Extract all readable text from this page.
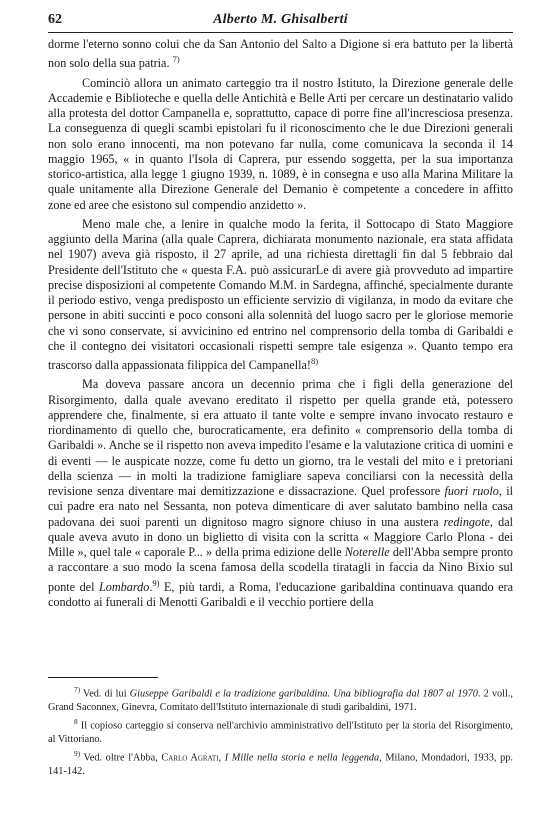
62	Alberto M. Ghisalberti

dorme l'eterno sonno colui che da San Antonio del Salto a Digione si era battuto per la libertà non solo della sua patria. $^{7)}$

Cominciò allora un animato carteggio tra il nostro Istituto, la Direzione generale delle Accademie e Biblioteche e quella delle Antichità e Belle Arti per cercare un destinatario valido alla protesta del dottor Campanella e, soprattutto, capace di porre fine all'incresciosa presenza. La conseguenza di quegli scambi epistolari fu il riconoscimento che le due Direzioni generali non solo erano innocenti, ma non potevano far nulla, come comunicava la seconda il 14 maggio 1965, « in quanto l'Isola di Caprera, pur essendo soggetta, per la sua importanza storico-artistica, alla legge 1 giugno 1939, n. 1089, è in consegna e uso alla Marina Militare la quale unitamente alla Direzione Generale del Demanio è competente a concedere in affitto zone ed aree che esistono sul compendio anzidetto ».

Meno male che, a lenire in qualche modo la ferita, il Sottocapo di Stato Maggiore aggiunto della Marina (alla quale Caprera, dichiarata monumento nazionale, era stata affidata nel 1907) aveva già risposto, il 27 aprile, ad una richiesta direttagli fin dal 5 febbraio dal Presidente dell'Istituto che « questa F.A. può assicurarLe di avere già provveduto ad impartire precise disposizioni al competente Comando M.M. in Sardegna, affinché, specialmente durante il periodo estivo, venga predisposto un efficiente servizio di vigilanza, in modo da evitare che persone in abiti succinti e poco consoni alla solennità del luogo sacro per le gloriose memorie che vi sono conservate, si avvicinino ed entrino nel comprensorio della tomba di Garibaldi e che il contegno dei visitatori occasionali rispetti sempre tale esigenza ». Quanto tempo era trascorso dalla appassionata filippica del Campanella!$^{8)}$

Ma doveva passare ancora un decennio prima che i figli della generazione del Risorgimento, dalla quale avevano ereditato il rispetto per quella grande età, potessero apprendere che, finalmente, si era attuato il tante volte e sempre invano invocato restauro e riordinamento di quello che, burocraticamente, era definito « comprensorio della tomba di Garibaldi ». Anche se il rispetto non aveva impedito l'esame e la valutazione critica di uomini e di eventi — le auspicate nozze, come fu detto un giorno, tra le vestali del mito e i pretoriani della scienza — in molti la tradizione famigliare sapeva conciliarsi con la necessità della revisione senza diventare mai demitizzazione e dissacrazione. Quel professore fuori ruolo, il cui padre era nato nel Sessanta, non poteva dimenticare di aver salutato bambino nella casa padovana dei suoi parenti un dignitoso magro signore chiuso in una austera redingote, dal quale aveva avuto in dono un biglietto di visita con la scritta « Maggiore Carlo Plona - dei Mille », quel tale « caporale P... » della prima edizione delle Noterelle dell'Abba sempre pronto a raccontare a suo modo la scena famosa della scodella tiratagli in faccia da Nino Bixio sul ponte del Lombardo.$^{9)}$ E, più tardi, a Roma, l'educazione garibaldina continuava quando era condotto ai funerali di Menotti Garibaldi e il vecchio portiere della

$^{7)}$ Ved. di lui Giuseppe Garibaldi e la tradizione garibaldina. Una bibliografia dal 1807 al 1970. 2 voll., Grand Saconnex, Ginevra, Comitato dell'Istituto internazionale di studi garibaldini, 1971.

$^8$ Il copioso carteggio si conserva nell'archivio amministrativo dell'Istituto per la storia del Risorgimento, al Vittoriano.

$^{9)}$ Ved. oltre l'Abba, Carlo Agrati, I Mille nella storia e nella leggenda, Milano, Mondadori, 1933, pp. 141-142.
